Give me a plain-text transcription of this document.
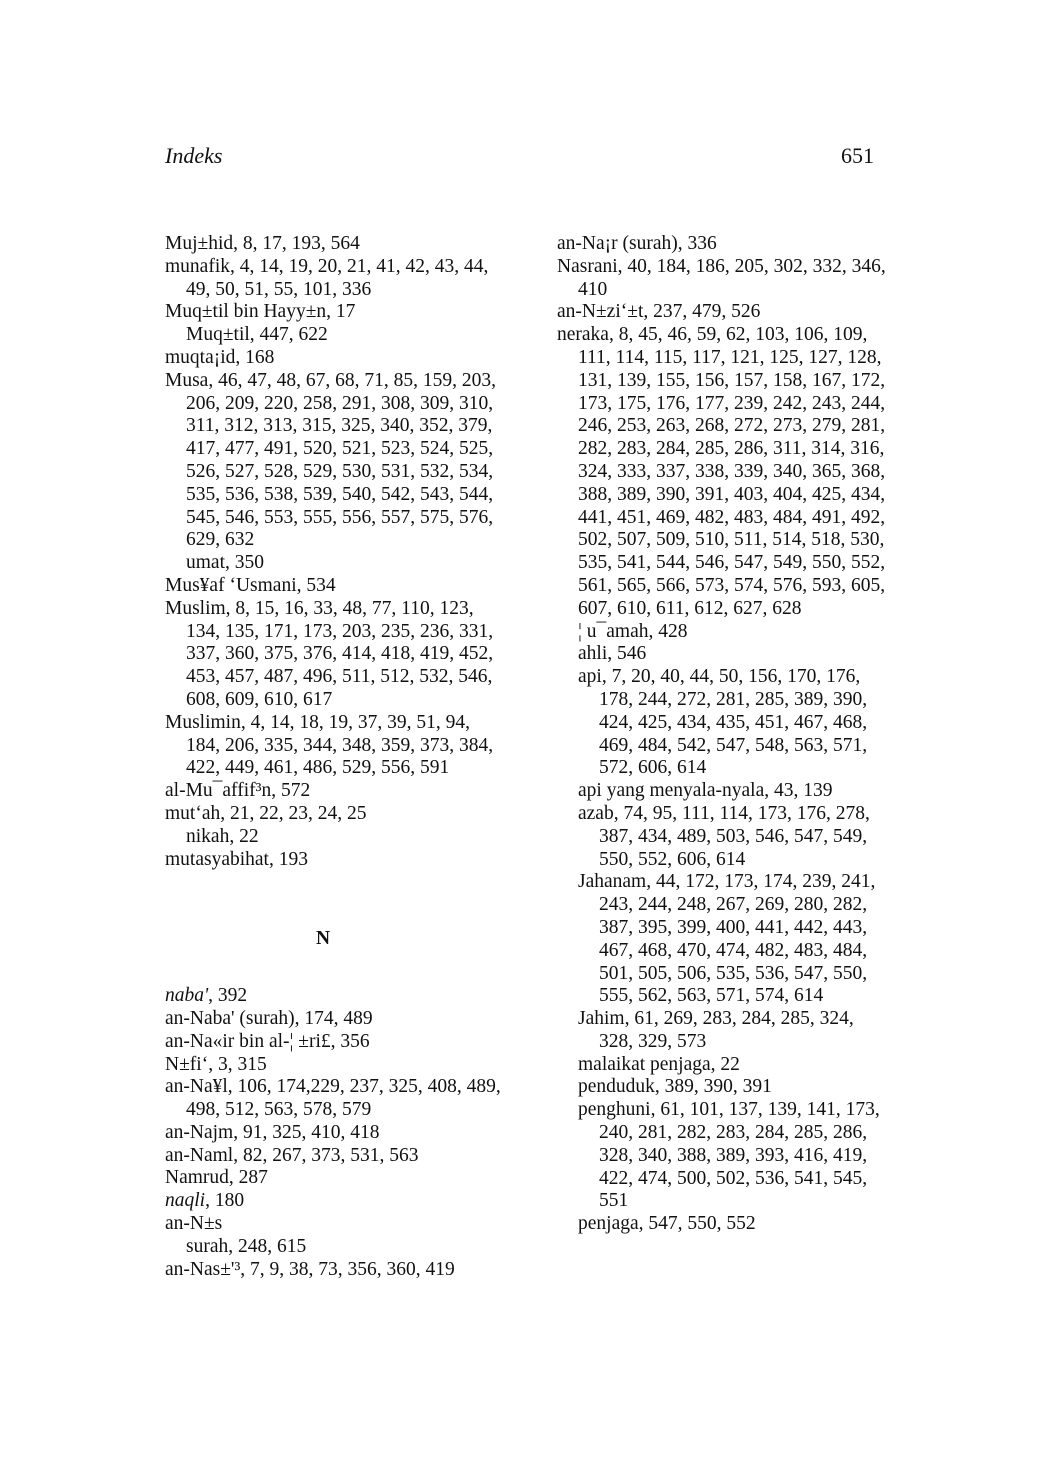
Indeks	651
Muj±hid, 8, 17, 193, 564
munafik, 4, 14, 19, 20, 21, 41, 42, 43, 44, 49, 50, 51, 55, 101, 336
Muq±til bin Hayy±n, 17
Muq±til, 447, 622
muqta¡id, 168
Musa, 46, 47, 48, 67, 68, 71, 85, 159, 203, 206, 209, 220, 258, 291, 308, 309, 310, 311, 312, 313, 315, 325, 340, 352, 379, 417, 477, 491, 520, 521, 523, 524, 525, 526, 527, 528, 529, 530, 531, 532, 534, 535, 536, 538, 539, 540, 542, 543, 544, 545, 546, 553, 555, 556, 557, 575, 576, 629, 632
umat, 350
Mus¥af ‘Usmani, 534
Muslim, 8, 15, 16, 33, 48, 77, 110, 123, 134, 135, 171, 173, 203, 235, 236, 331, 337, 360, 375, 376, 414, 418, 419, 452, 453, 457, 487, 496, 511, 512, 532, 546, 608, 609, 610, 617
Muslimin, 4, 14, 18, 19, 37, 39, 51, 94, 184, 206, 335, 344, 348, 359, 373, 384, 422, 449, 461, 486, 529, 556, 591
al-Mu¯affif³n, 572
mut‘ah, 21, 22, 23, 24, 25
nikah, 22
mutasyabihat, 193
N
naba', 392
an-Naba' (surah), 174, 489
an-Na«ir bin al-¦ ±ri£, 356
N±fi‘, 3, 315
an-Na¥l, 106, 174,229, 237, 325, 408, 489, 498, 512, 563, 578, 579
an-Najm, 91, 325, 410, 418
an-Naml, 82, 267, 373, 531, 563
Namrud, 287
naqli, 180
an-N±s
surah, 248, 615
an-Nas±'³, 7, 9, 38, 73, 356, 360, 419
an-Na¡r (surah), 336
Nasrani, 40, 184, 186, 205, 302, 332, 346, 410
an-N±zi‘±t, 237, 479, 526
neraka, 8, 45, 46, 59, 62, 103, 106, 109, 111, 114, 115, 117, 121, 125, 127, 128, 131, 139, 155, 156, 157, 158, 167, 172, 173, 175, 176, 177, 239, 242, 243, 244, 246, 253, 263, 268, 272, 273, 279, 281, 282, 283, 284, 285, 286, 311, 314, 316, 324, 333, 337, 338, 339, 340, 365, 368, 388, 389, 390, 391, 403, 404, 425, 434, 441, 451, 469, 482, 483, 484, 491, 492, 502, 507, 509, 510, 511, 514, 518, 530, 535, 541, 544, 546, 547, 549, 550, 552, 561, 565, 566, 573, 574, 576, 593, 605, 607, 610, 611, 612, 627, 628
¦ u¯amah, 428
ahli, 546
api, 7, 20, 40, 44, 50, 156, 170, 176, 178, 244, 272, 281, 285, 389, 390, 424, 425, 434, 435, 451, 467, 468, 469, 484, 542, 547, 548, 563, 571, 572, 606, 614
api yang menyala-nyala, 43, 139
azab, 74, 95, 111, 114, 173, 176, 278, 387, 434, 489, 503, 546, 547, 549, 550, 552, 606, 614
Jahanam, 44, 172, 173, 174, 239, 241, 243, 244, 248, 267, 269, 280, 282, 387, 395, 399, 400, 441, 442, 443, 467, 468, 470, 474, 482, 483, 484, 501, 505, 506, 535, 536, 547, 550, 555, 562, 563, 571, 574, 614
Jahim, 61, 269, 283, 284, 285, 324, 328, 329, 573
malaikat penjaga, 22
penduduk, 389, 390, 391
penghuni, 61, 101, 137, 139, 141, 173, 240, 281, 282, 283, 284, 285, 286, 328, 340, 388, 389, 393, 416, 419, 422, 474, 500, 502, 536, 541, 545, 551
penjaga, 547, 550, 552
